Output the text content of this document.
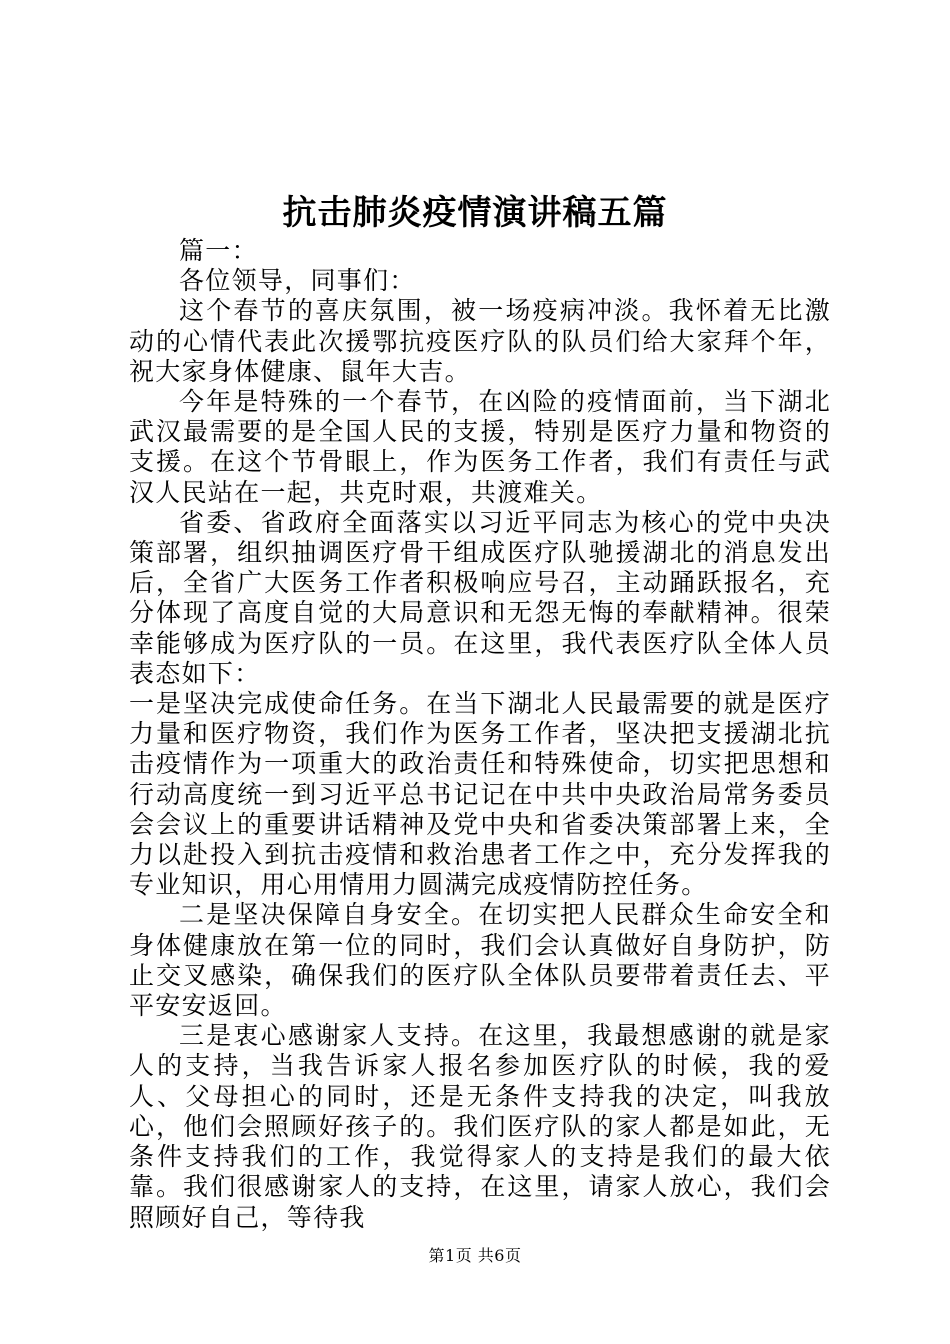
抗击肺炎疫情演讲稿五篇

篇一：

各位领导，同事们：

这个春节的喜庆氛围，被一场疫病冲淡。我怀着无比激动的心情代表此次援鄂抗疫医疗队的队员们给大家拜个年，祝大家身体健康、鼠年大吉。

今年是特殊的一个春节，在凶险的疫情面前，当下湖北武汉最需要的是全国人民的支援，特别是医疗力量和物资的支援。在这个节骨眼上，作为医务工作者，我们有责任与武汉人民站在一起，共克时艰，共渡难关。

省委、省政府全面落实以习近平同志为核心的党中央决策部署，组织抽调医疗骨干组成医疗队驰援湖北的消息发出后，全省广大医务工作者积极响应号召，主动踊跃报名，充分体现了高度自觉的大局意识和无怨无悔的奉献精神。很荣幸能够成为医疗队的一员。在这里，我代表医疗队全体人员表态如下：

一是坚决完成使命任务。在当下湖北人民最需要的就是医疗力量和医疗物资，我们作为医务工作者，坚决把支援湖北抗击疫情作为一项重大的政治责任和特殊使命，切实把思想和行动高度统一到习近平总书记记在中共中央政治局常务委员会会议上的重要讲话精神及党中央和省委决策部署上来，全力以赴投入到抗击疫情和救治患者工作之中，充分发挥我的专业知识，用心用情用力圆满完成疫情防控任务。

二是坚决保障自身安全。在切实把人民群众生命安全和身体健康放在第一位的同时，我们会认真做好自身防护，防止交叉感染，确保我们的医疗队全体队员要带着责任去、平平安安返回。

三是衷心感谢家人支持。在这里，我最想感谢的就是家人的支持，当我告诉家人报名参加医疗队的时候，我的爱人、父母担心的同时，还是无条件支持我的决定，叫我放心，他们会照顾好孩子的。我们医疗队的家人都是如此，无条件支持我们的工作，我觉得家人的支持是我们的最大依靠。我们很感谢家人的支持，在这里，请家人放心，我们会照顾好自己，等待我

第1页 共6页
